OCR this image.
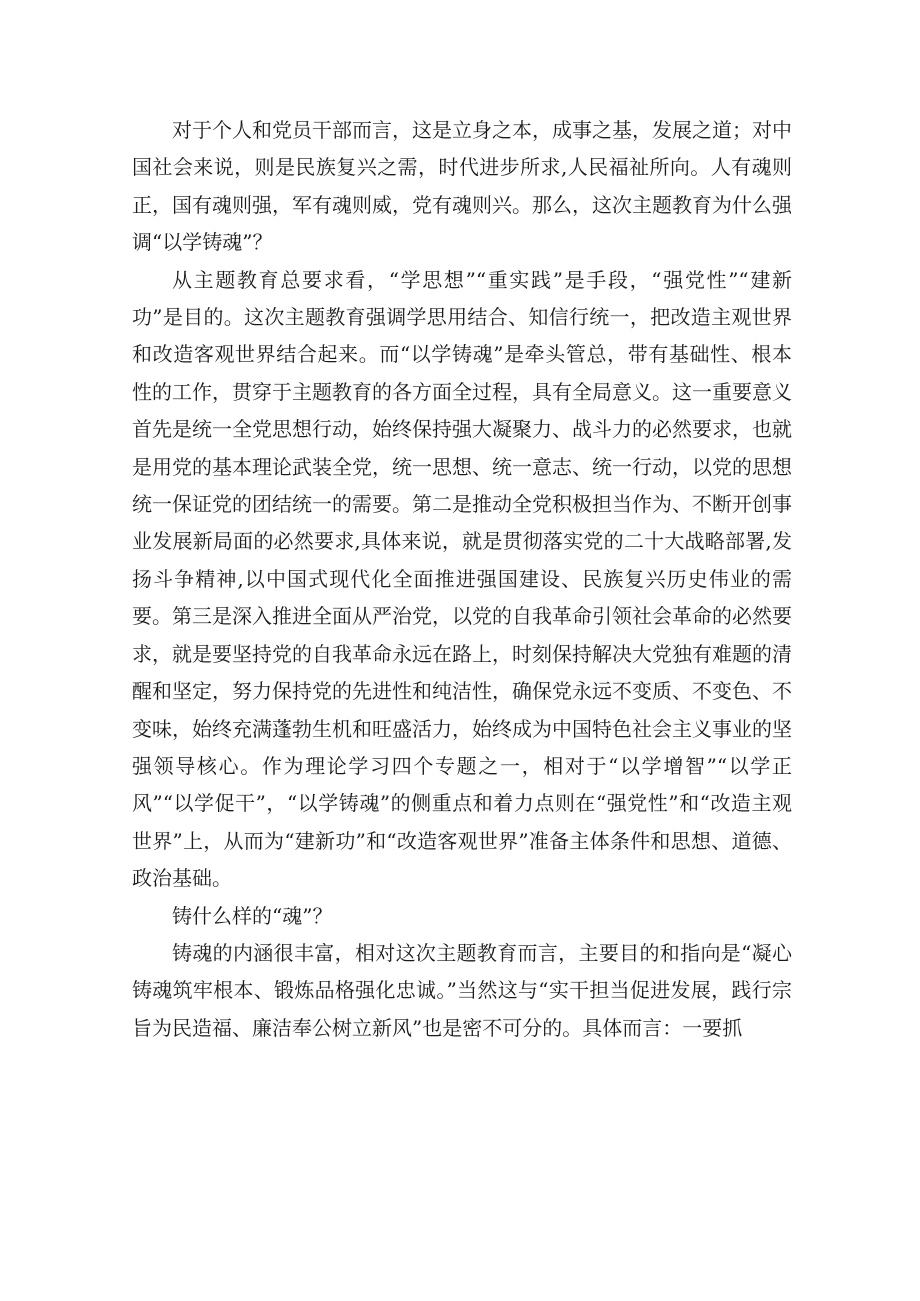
对于个人和党员干部而言，这是立身之本，成事之基，发展之道；对中国社会来说，则是民族复兴之需，时代进步所求,人民福祉所向。人有魂则正，国有魂则强，军有魂则威，党有魂则兴。那么，这次主题教育为什么强调“以学铸魂”？

从主题教育总要求看，“学思想”“重实践”是手段，“强党性”“建新功”是目的。这次主题教育强调学思用结合、知信行统一，把改造主观世界和改造客观世界结合起来。而“以学铸魂”是牵头管总，带有基础性、根本性的工作，贯穿于主题教育的各方面全过程，具有全局意义。这一重要意义首先是统一全党思想行动，始终保持强大凝聚力、战斗力的必然要求，也就是用党的基本理论武装全党，统一思想、统一意志、统一行动，以党的思想统一保证党的团结统一的需要。第二是推动全党积极担当作为、不断开创事业发展新局面的必然要求,具体来说，就是贯彻落实党的二十大战略部署,发扬斗争精神,以中国式现代化全面推进强国建设、民族复兴历史伟业的需要。第三是深入推进全面从严治党，以党的自我革命引领社会革命的必然要求，就是要坚持党的自我革命永远在路上，时刻保持解决大党独有难题的清醒和坚定，努力保持党的先进性和纯洁性，确保党永远不变质、不变色、不变味，始终充满蓬勃生机和旺盛活力，始终成为中国特色社会主义事业的坚强领导核心。作为理论学习四个专题之一，相对于“以学增智”“以学正风”“以学促干”，“以学铸魂”的侧重点和着力点则在“强党性”和“改造主观世界”上，从而为“建新功”和“改造客观世界”准备主体条件和思想、道德、政治基础。

铸什么样的“魂”？

铸魂的内涵很丰富，相对这次主题教育而言，主要目的和指向是“凝心铸魂筑牢根本、锻炼品格强化忠诚。”当然这与“实干担当促进发展，践行宗旨为民造福、廉洁奉公树立新风”也是密不可分的。具体而言：一要抓
